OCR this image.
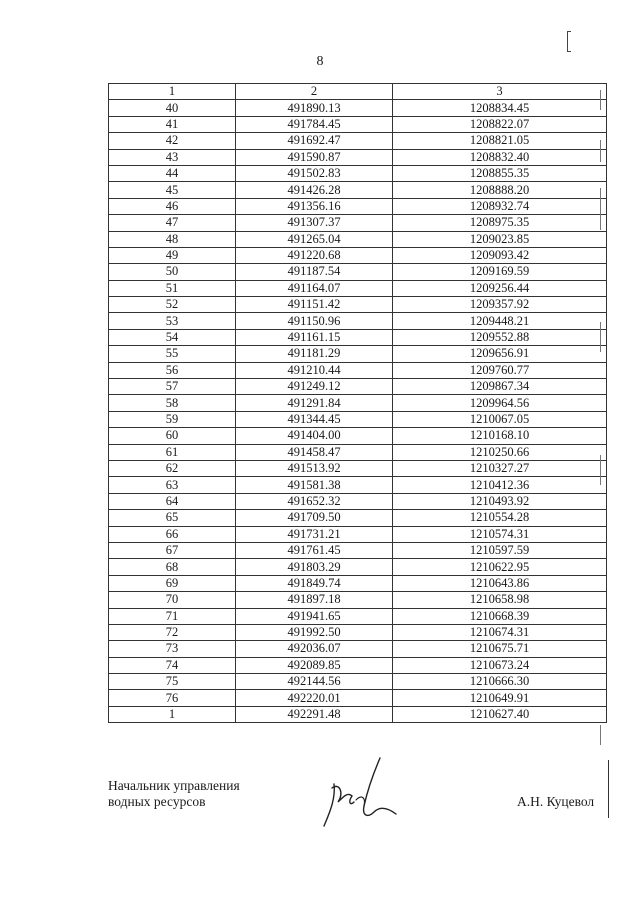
8
1	2	3
40	491890.13	1208834.45
41	491784.45	1208822.07
42	491692.47	1208821.05
43	491590.87	1208832.40
44	491502.83	1208855.35
45	491426.28	1208888.20
46	491356.16	1208932.74
47	491307.37	1208975.35
48	491265.04	1209023.85
49	491220.68	1209093.42
50	491187.54	1209169.59
51	491164.07	1209256.44
52	491151.42	1209357.92
53	491150.96	1209448.21
54	491161.15	1209552.88
55	491181.29	1209656.91
56	491210.44	1209760.77
57	491249.12	1209867.34
58	491291.84	1209964.56
59	491344.45	1210067.05
60	491404.00	1210168.10
61	491458.47	1210250.66
62	491513.92	1210327.27
63	491581.38	1210412.36
64	491652.32	1210493.92
65	491709.50	1210554.28
66	491731.21	1210574.31
67	491761.45	1210597.59
68	491803.29	1210622.95
69	491849.74	1210643.86
70	491897.18	1210658.98
71	491941.65	1210668.39
72	491992.50	1210674.31
73	492036.07	1210675.71
74	492089.85	1210673.24
75	492144.56	1210666.30
76	492220.01	1210649.91
1	492291.48	1210627.40
Начальник управления
водных ресурсов	А.Н. Куцевол
